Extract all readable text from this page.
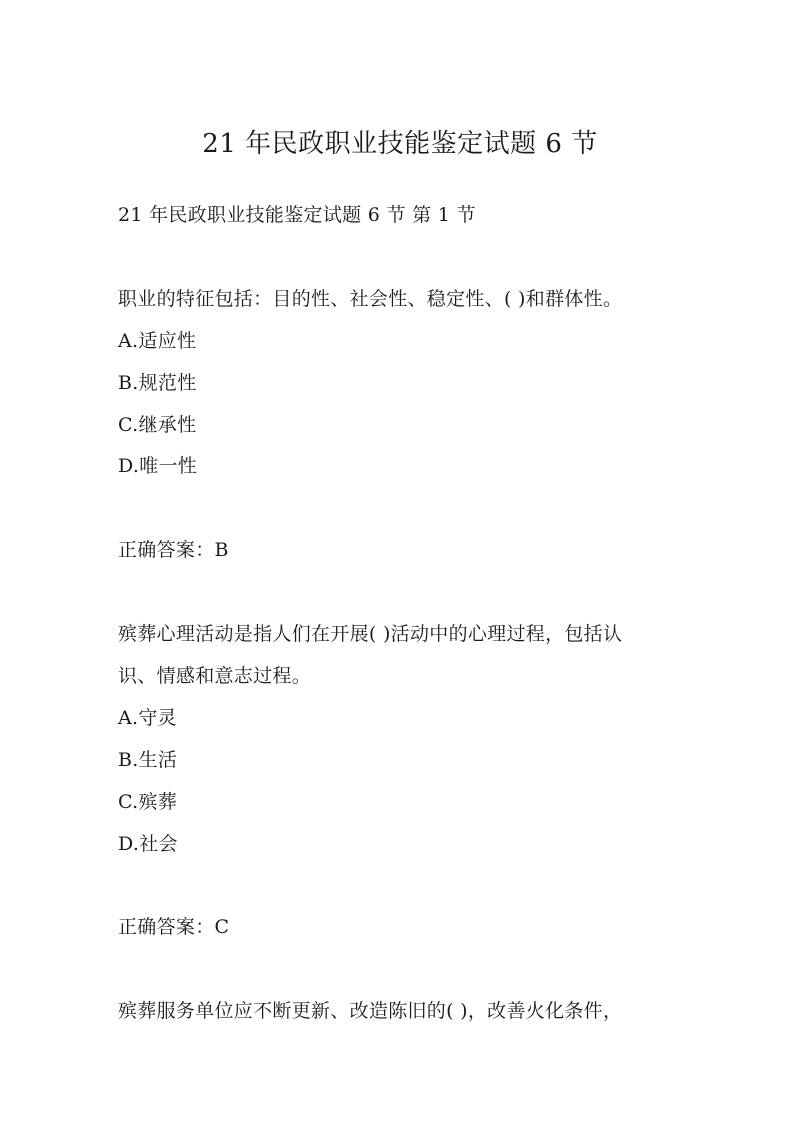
21 年民政职业技能鉴定试题 6 节
21 年民政职业技能鉴定试题 6 节 第 1 节
职业的特征包括：目的性、社会性、稳定性、( )和群体性。
A.适应性
B.规范性
C.继承性
D.唯一性
正确答案：B
殡葬心理活动是指人们在开展( )活动中的心理过程，包括认
识、情感和意志过程。
A.守灵
B.生活
C.殡葬
D.社会
正确答案：C
殡葬服务单位应不断更新、改造陈旧的( )，改善火化条件，
